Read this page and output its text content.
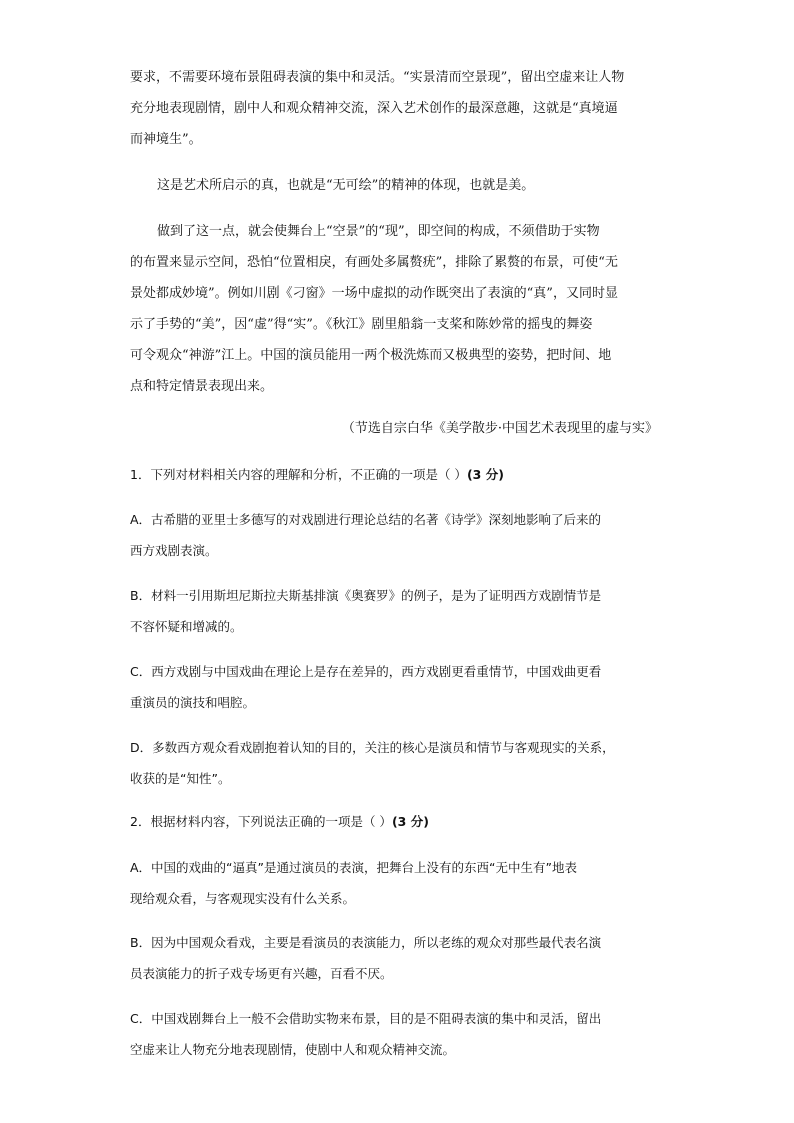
要求，不需要环境布景阻碍表演的集中和灵活。“实景清而空景现”，留出空虚来让人物
充分地表现剧情，剧中人和观众精神交流，深入艺术创作的最深意趣，这就是“真境逼
而神境生”。

这是艺术所启示的真，也就是“无可绘”的精神的体现，也就是美。

做到了这一点，就会使舞台上“空景”的“现”，即空间的构成，不须借助于实物
的布置来显示空间，恐怕“位置相戾，有画处多属赘疣”，排除了累赘的布景，可使“无
景处都成妙境”。例如川剧《刁窗》一场中虚拟的动作既突出了表演的“真”，又同时显
示了手势的“美”，因“虚”得“实”。《秋江》剧里船翁一支桨和陈妙常的摇曳的舞姿
可令观众“神游”江上。中国的演员能用一两个极洗炼而又极典型的姿势，把时间、地
点和特定情景表现出来。

（节选自宗白华《美学散步·中国艺术表现里的虚与实》

1．下列对材料相关内容的理解和分析，不正确的一项是（ ）(3 分)

A．古希腊的亚里士多德写的对戏剧进行理论总结的名著《诗学》深刻地影响了后来的
西方戏剧表演。

B．材料一引用斯坦尼斯拉夫斯基排演《奥赛罗》的例子，是为了证明西方戏剧情节是
不容怀疑和增减的。

C．西方戏剧与中国戏曲在理论上是存在差异的，西方戏剧更看重情节，中国戏曲更看
重演员的演技和唱腔。

D．多数西方观众看戏剧抱着认知的目的，关注的核心是演员和情节与客观现实的关系，
收获的是“知性”。

2．根据材料内容，下列说法正确的一项是（ ）(3 分)

A．中国的戏曲的“逼真”是通过演员的表演，把舞台上没有的东西“无中生有”地表
现给观众看，与客观现实没有什么关系。

B．因为中国观众看戏，主要是看演员的表演能力，所以老练的观众对那些最代表名演
员表演能力的折子戏专场更有兴趣，百看不厌。

C．中国戏剧舞台上一般不会借助实物来布景，目的是不阻碍表演的集中和灵活，留出
空虚来让人物充分地表现剧情，使剧中人和观众精神交流。
